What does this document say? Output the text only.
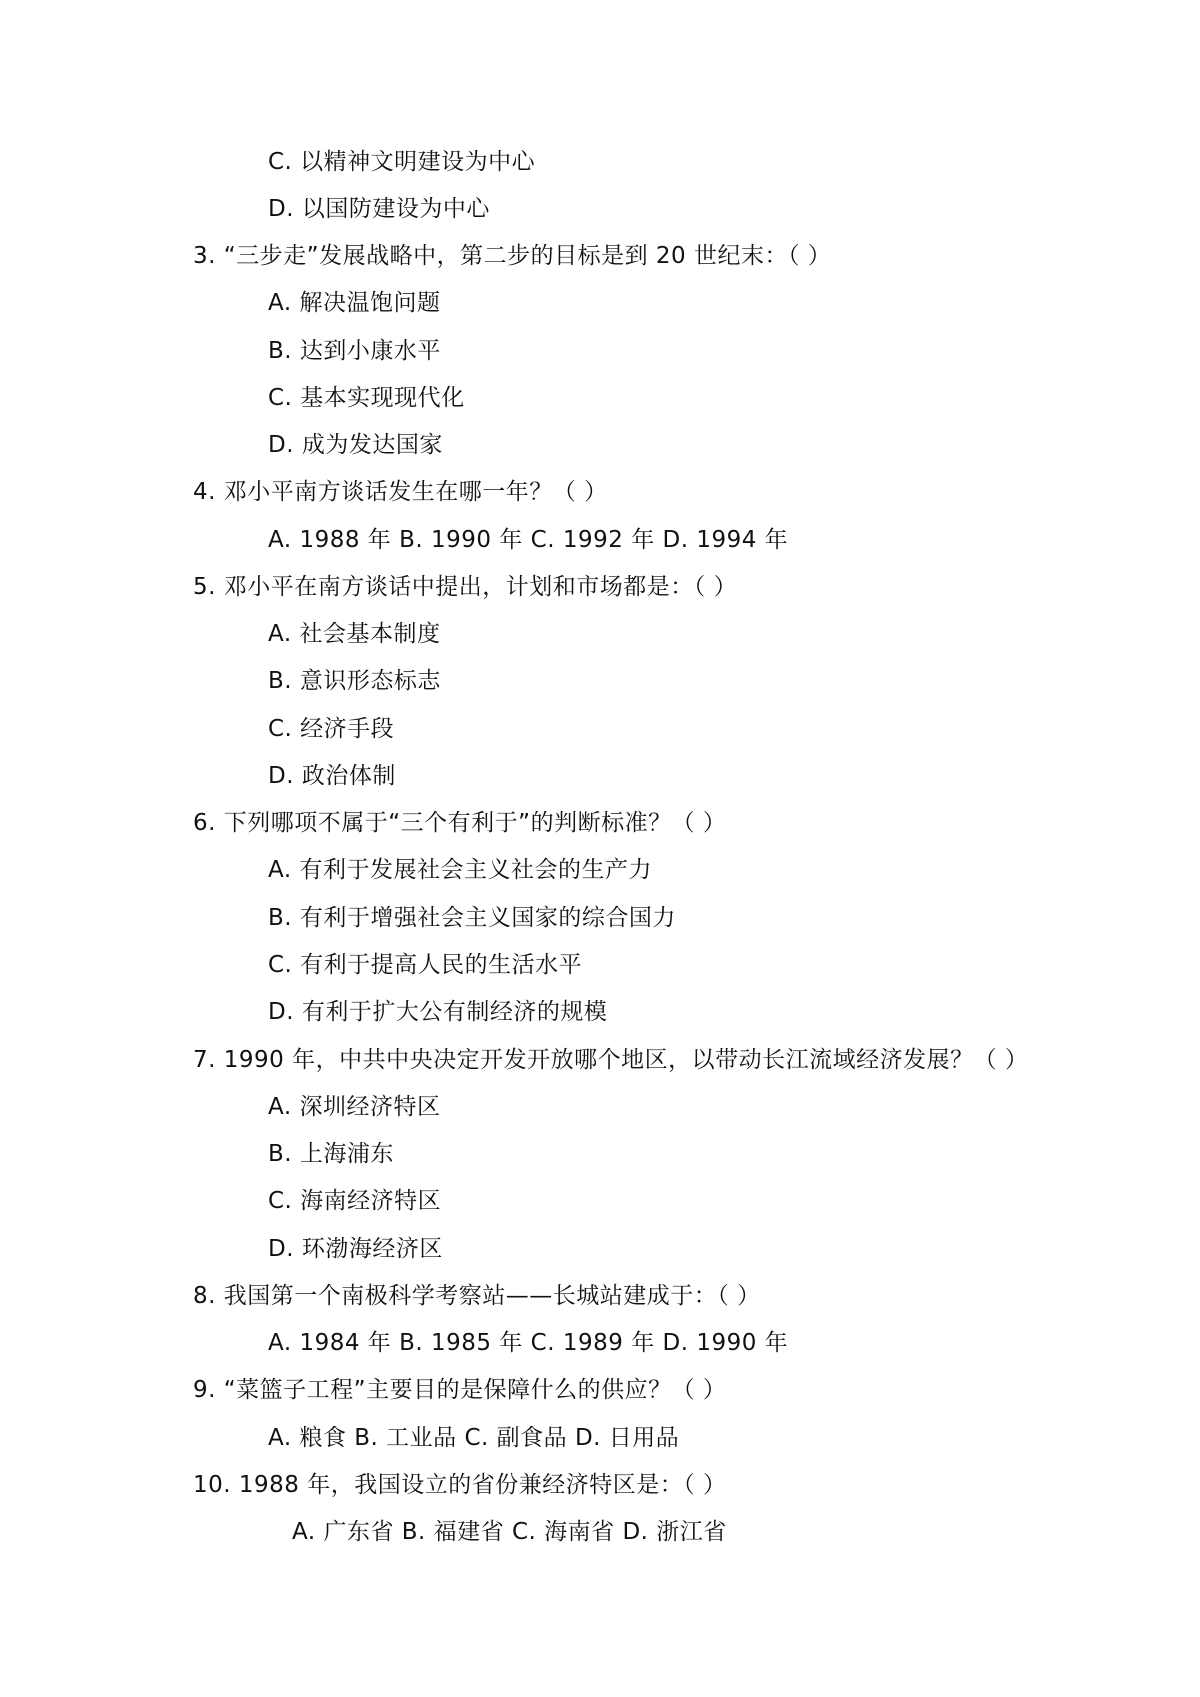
C. 以精神文明建设为中心
D. 以国防建设为中心
3. “三步走”发展战略中，第二步的目标是到 20 世纪末：（ ）
A. 解决温饱问题
B. 达到小康水平
C. 基本实现现代化
D. 成为发达国家
4. 邓小平南方谈话发生在哪一年？（ ）
A. 1988 年 B. 1990 年 C. 1992 年 D. 1994 年
5. 邓小平在南方谈话中提出，计划和市场都是：（ ）
A. 社会基本制度
B. 意识形态标志
C. 经济手段
D. 政治体制
6. 下列哪项不属于“三个有利于”的判断标准？（ ）
A. 有利于发展社会主义社会的生产力
B. 有利于增强社会主义国家的综合国力
C. 有利于提高人民的生活水平
D. 有利于扩大公有制经济的规模
7. 1990 年，中共中央决定开发开放哪个地区，以带动长江流域经济发展？（ ）
A. 深圳经济特区
B. 上海浦东
C. 海南经济特区
D. 环渤海经济区
8. 我国第一个南极科学考察站——长城站建成于：（ ）
A. 1984 年 B. 1985 年 C. 1989 年 D. 1990 年
9. “菜篮子工程”主要目的是保障什么的供应？（ ）
A. 粮食 B. 工业品 C. 副食品 D. 日用品
10. 1988 年，我国设立的省份兼经济特区是：（ ）
A. 广东省 B. 福建省 C. 海南省 D. 浙江省
